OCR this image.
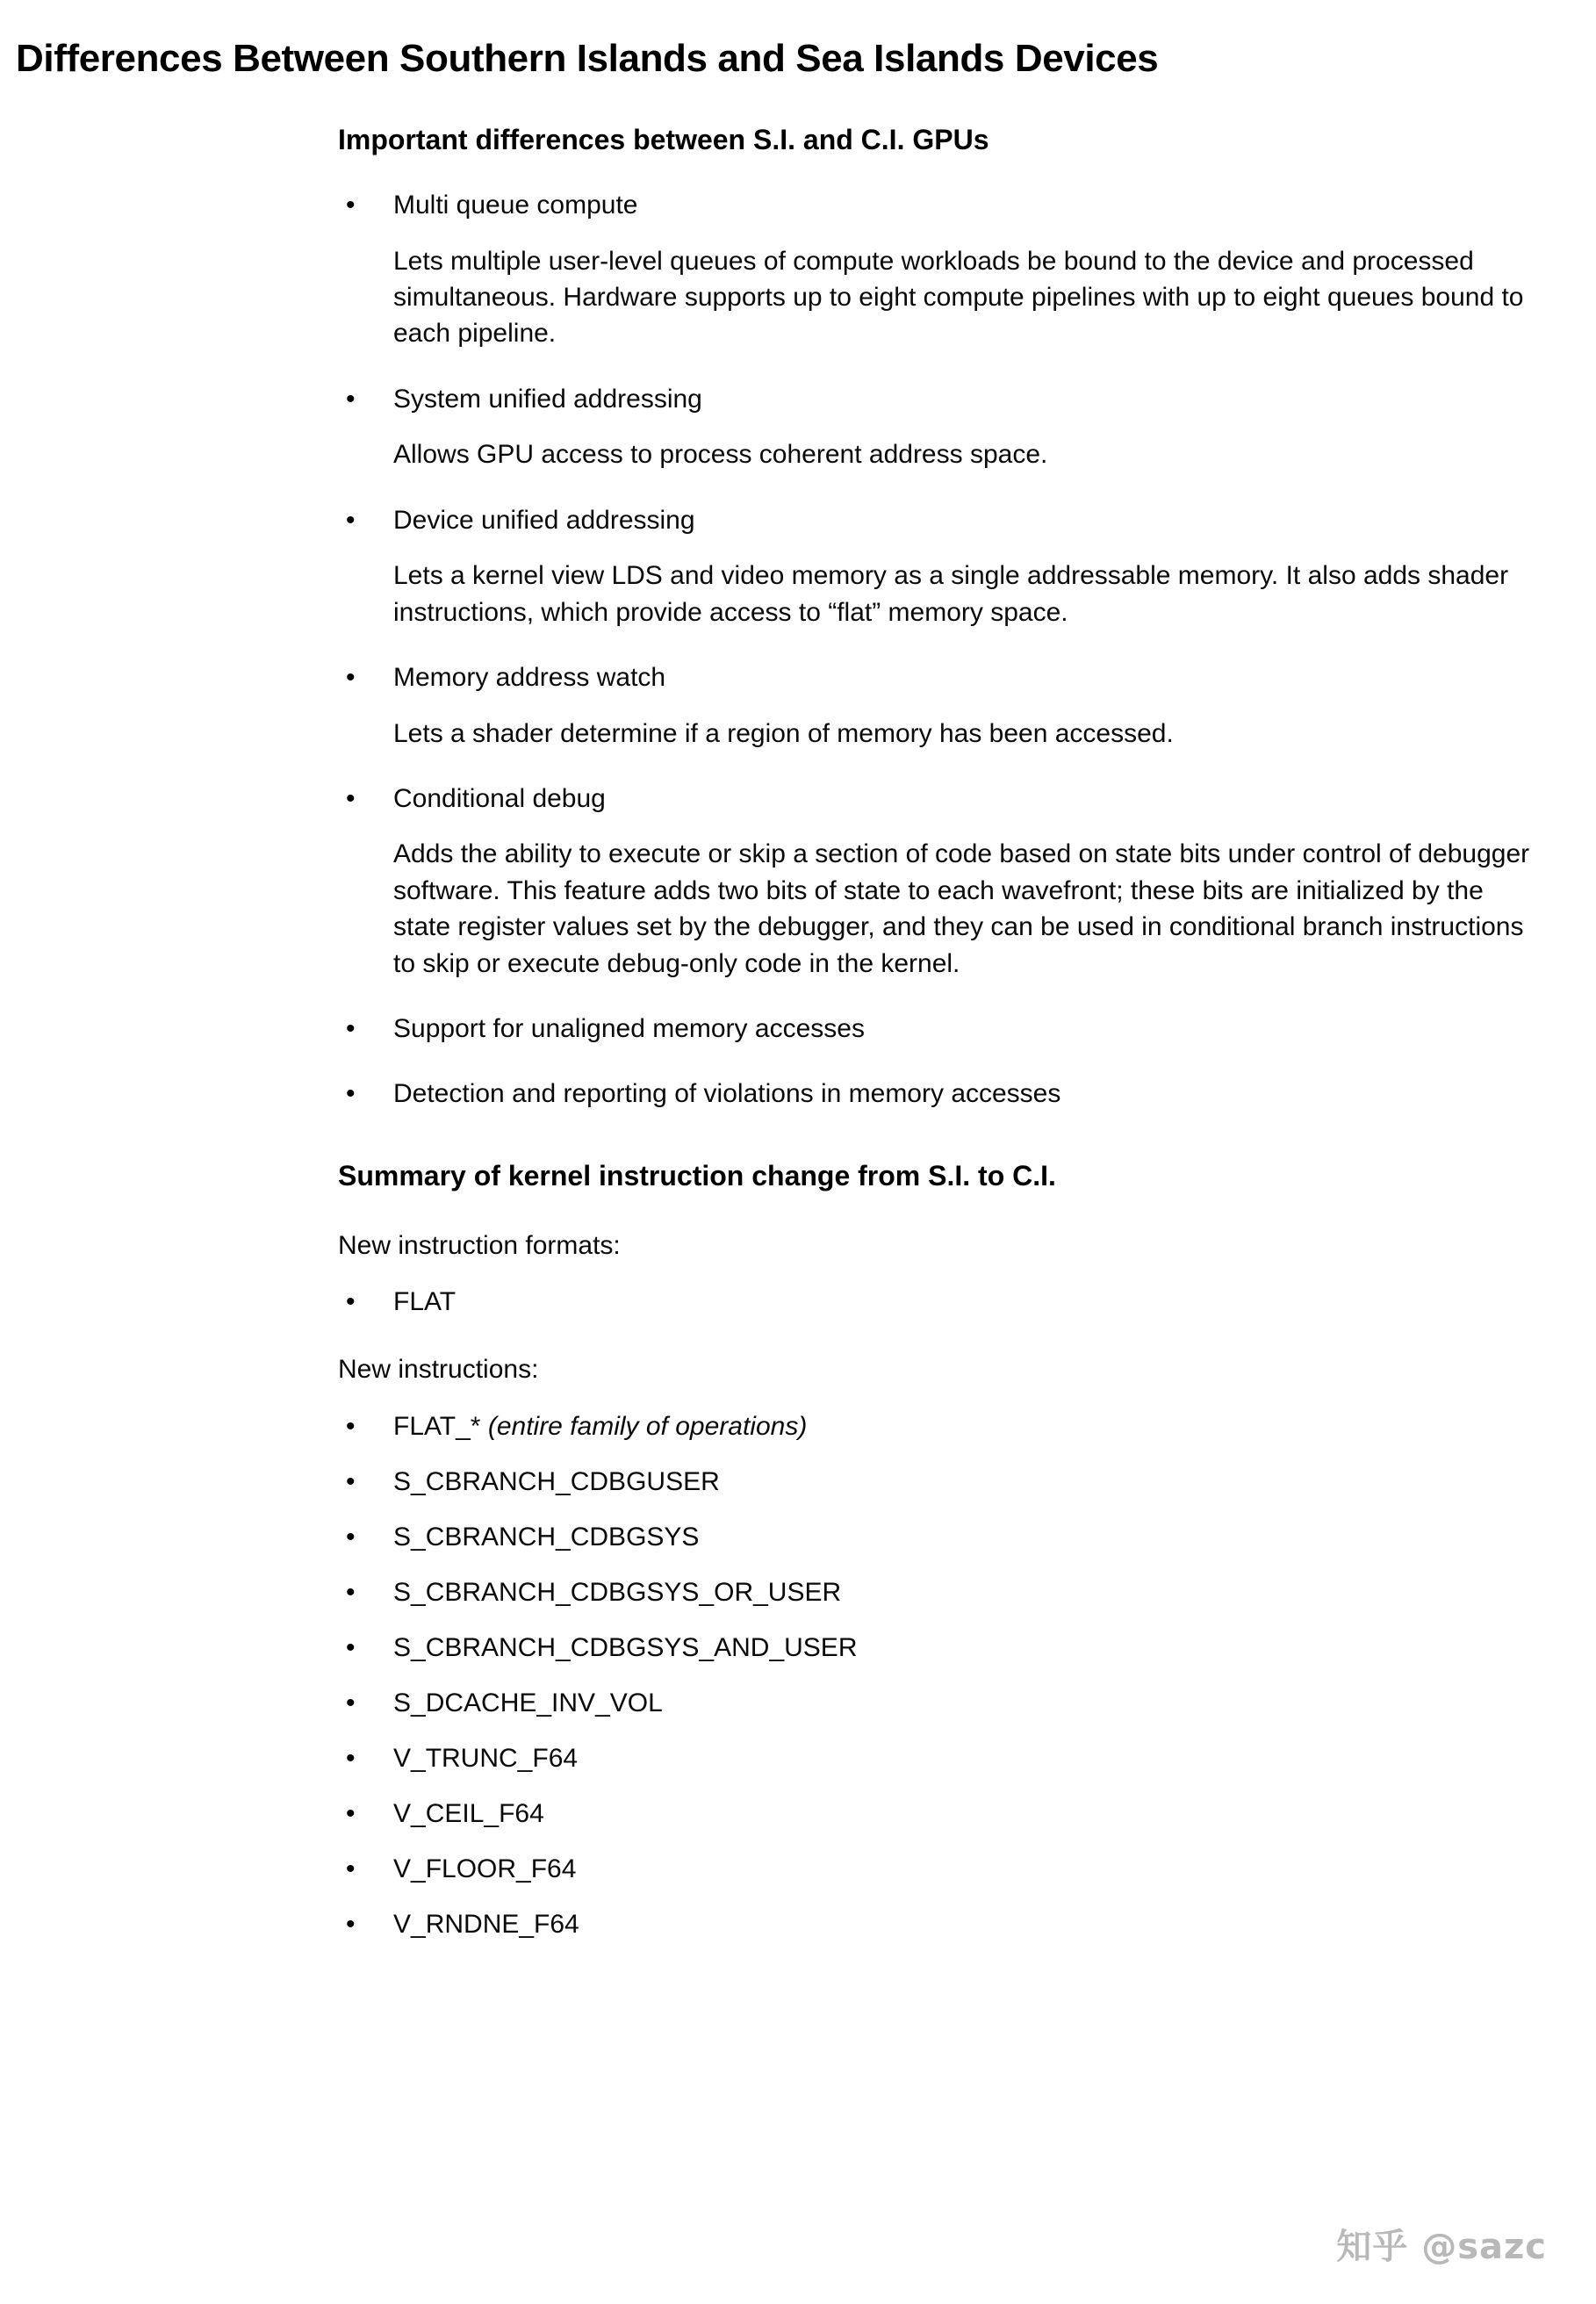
Differences Between Southern Islands and Sea Islands Devices
Important differences between S.I. and C.I. GPUs
• Multi queue compute
Lets multiple user-level queues of compute workloads be bound to the device and processed simultaneous. Hardware supports up to eight compute pipelines with up to eight queues bound to each pipeline.
• System unified addressing
Allows GPU access to process coherent address space.
• Device unified addressing
Lets a kernel view LDS and video memory as a single addressable memory. It also adds shader instructions, which provide access to “flat” memory space.
• Memory address watch
Lets a shader determine if a region of memory has been accessed.
• Conditional debug
Adds the ability to execute or skip a section of code based on state bits under control of debugger software. This feature adds two bits of state to each wavefront; these bits are initialized by the state register values set by the debugger, and they can be used in conditional branch instructions to skip or execute debug-only code in the kernel.
• Support for unaligned memory accesses
• Detection and reporting of violations in memory accesses
Summary of kernel instruction change from S.I. to C.I.

New instruction formats:

• FLAT

New instructions:

• FLAT_* (entire family of operations)
• S_CBRANCH_CDBGUSER
• S_CBRANCH_CDBGSYS
• S_CBRANCH_CDBGSYS_OR_USER
• S_CBRANCH_CDBGSYS_AND_USER
• S_DCACHE_INV_VOL
• V_TRUNC_F64
• V_CEIL_F64
• V_FLOOR_F64
• V_RNDNE_F64
知乎 @sazc
